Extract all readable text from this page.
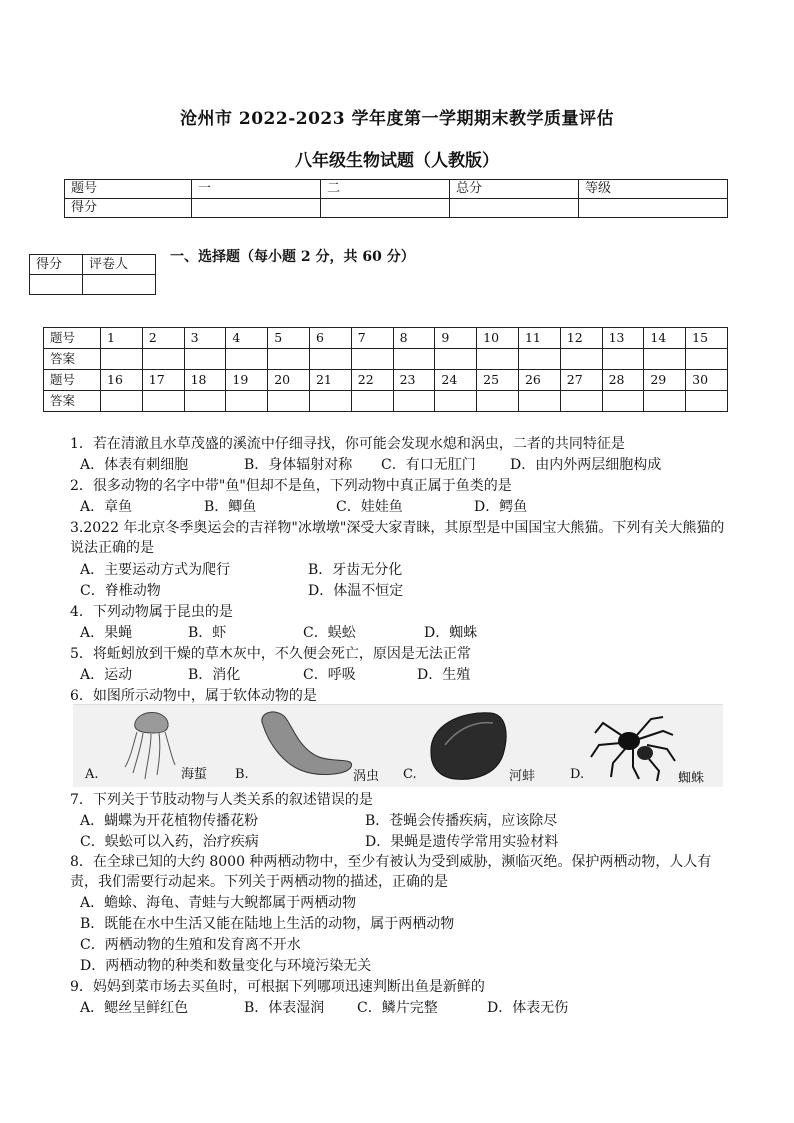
沧州市 2022-2023 学年度第一学期期末教学质量评估
八年级生物试题（人教版）
题号	一	二	总分	等级
得分				
得分	评卷人
		一、选择题（每小题 2 分，共 60 分）
题号	1	2	3	4	5	6	7	8	9	10	11	12	13	14	15
答案															
题号	16	17	18	19	20	21	22	23	24	25	26	27	28	29	30
答案															
1．若在清澈且水草茂盛的溪流中仔细寻找，你可能会发现水熄和涡虫，二者的共同特征是
A．体表有刺细胞	B．身体辐射对称 C．有口无肛门 D．由内外两层细胞构成
2．很多动物的名字中带"鱼"但却不是鱼，下列动物中真正属于鱼类的是
A．章鱼	B．鲫鱼	C．娃娃鱼	D．鳄鱼
3.2022 年北京冬季奥运会的吉祥物"冰墩墩"深受大家青睐，其原型是中国国宝大熊猫。下列有关大熊猫的说法正确的是
A．主要运动方式为爬行	B．牙齿无分化
C．脊椎动物	D．体温不恒定
4．下列动物属于昆虫的是
A．果蝇	B．虾	C．蜈蚣	D．蜘蛛
5．将蚯蚓放到干燥的草木灰中，不久便会死亡，原因是无法正常
A．运动	B．消化	C．呼吸	D．生殖
6．如图所示动物中，属于软体动物的是
A.	海蜇 B.	涡虫 C.	河蚌	D.	蜘蛛
7．下列关于节肢动物与人类关系的叙述错误的是
A．蝴蝶为开花植物传播花粉	B．苍蝇会传播疾病，应该除尽
C．蜈蚣可以入药，治疗疾病	D．果蝇是遗传学常用实验材料
8．在全球已知的大约 8000 种两栖动物中，至少有被认为受到威胁，濒临灭绝。保护两栖动物，人人有责，我们需要行动起来。下列关于两栖动物的描述，正确的是
A．蟾蜍、海龟、青蛙与大鲵都属于两栖动物
B．既能在水中生活又能在陆地上生活的动物，属于两栖动物
C．两栖动物的生殖和发育离不开水
D．两栖动物的种类和数量变化与环境污染无关
9．妈妈到菜市场去买鱼时，可根据下列哪项迅速判断出鱼是新鲜的
A．鳃丝呈鲜红色	B．体表湿润 C．鳞片完整	D．体表无伤
